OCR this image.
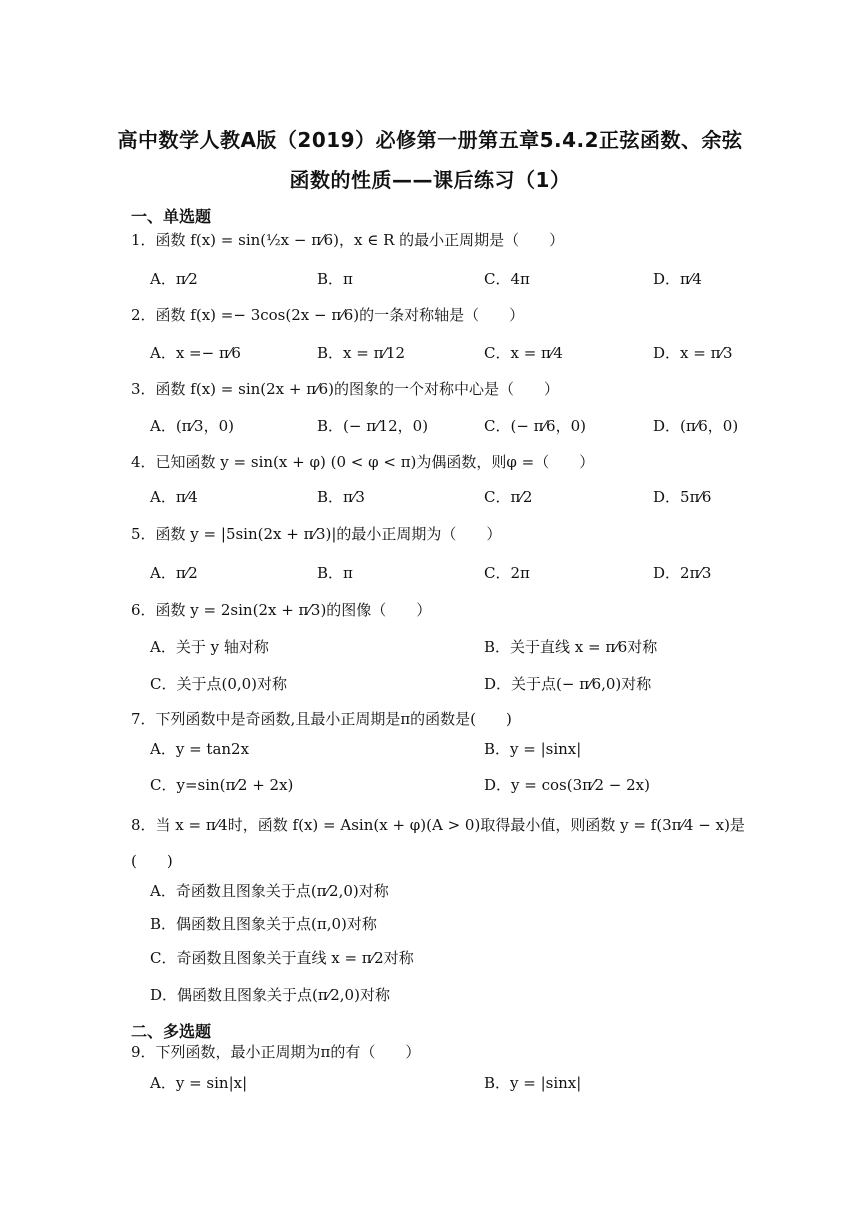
高中数学人教A版（2019）必修第一册第五章5.4.2正弦函数、余弦
函数的性质——课后练习（1）
一、单选题
1．函数 f(x) = sin(½x − π⁄6)，x ∈ R 的最小正周期是（　　）
A．π⁄2	B．π	C．4π	D．π⁄4
2．函数 f(x) =− 3cos(2x − π⁄6)的一条对称轴是（　　）
A．x =− π⁄6	B．x = π⁄12	C．x = π⁄4	D．x = π⁄3
3．函数 f(x) = sin(2x + π⁄6)的图象的一个对称中心是（　　）
A．(π⁄3，0)	B．(− π⁄12，0)	C．(− π⁄6，0)	D．(π⁄6，0)
4．已知函数 y = sin(x + φ) (0 < φ < π)为偶函数，则φ =（　　）
A．π⁄4	B．π⁄3	C．π⁄2	D．5π⁄6
5．函数 y = |5sin(2x + π⁄3)|的最小正周期为（　　）
A．π⁄2	B．π	C．2π	D．2π⁄3
6．函数 y = 2sin(2x + π⁄3)的图像（　　）
A．关于 y 轴对称	B．关于直线 x = π⁄6对称
C．关于点(0,0)对称	D．关于点(− π⁄6,0)对称
7．下列函数中是奇函数,且最小正周期是π的函数是(　　)
A．y = tan2x	B．y = |sinx|
C．y=sin(π⁄2 + 2x)	D．y = cos(3π⁄2 − 2x)
8．当 x = π⁄4时，函数 f(x) = Asin(x + φ)(A > 0)取得最小值，则函数 y = f(3π⁄4 − x)是
(　　)
A．奇函数且图象关于点(π⁄2,0)对称
B．偶函数且图象关于点(π,0)对称
C．奇函数且图象关于直线 x = π⁄2对称
D．偶函数且图象关于点(π⁄2,0)对称
二、多选题
9．下列函数，最小正周期为π的有（　　）
A．y = sin|x|	B．y = |sinx|
